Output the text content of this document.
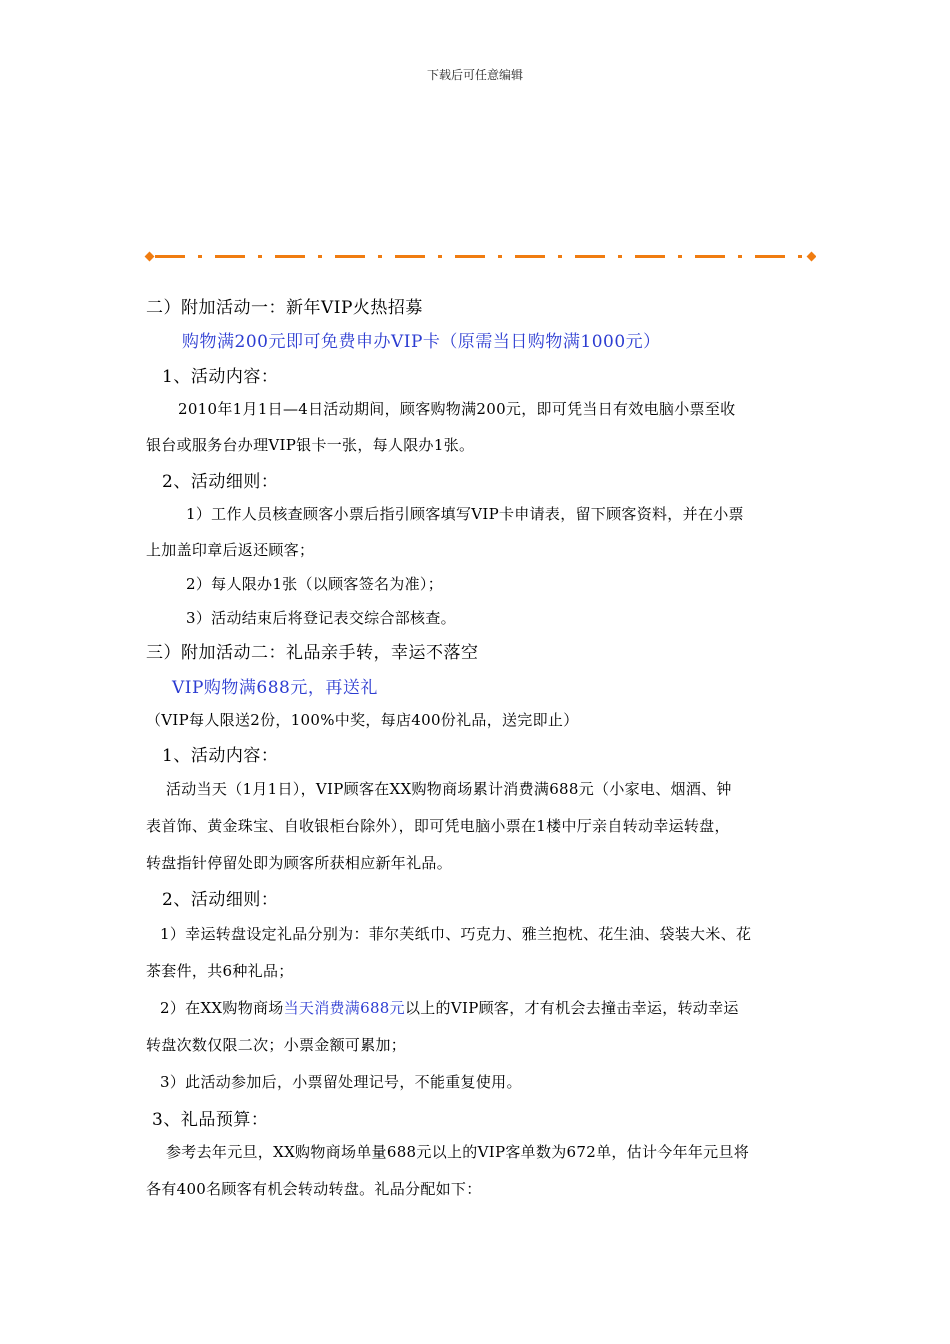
下载后可任意编辑
二）附加活动一：新年VIP火热招募
购物满200元即可免费申办VIP卡（原需当日购物满1000元）
1、活动内容：
2010年1月1日—4日活动期间，顾客购物满200元，即可凭当日有效电脑小票至收
银台或服务台办理VIP银卡一张，每人限办1张。
2、活动细则：
1）工作人员核查顾客小票后指引顾客填写VIP卡申请表，留下顾客资料，并在小票
上加盖印章后返还顾客；
2）每人限办1张（以顾客签名为准）；
3）活动结束后将登记表交综合部核查。
三）附加活动二：礼品亲手转，幸运不落空
VIP购物满688元，再送礼
（VIP每人限送2份，100%中奖，每店400份礼品，送完即止）
1、活动内容：
活动当天（1月1日），VIP顾客在XX购物商场累计消费满688元（小家电、烟酒、钟
表首饰、黄金珠宝、自收银柜台除外），即可凭电脑小票在1楼中厅亲自转动幸运转盘，
转盘指针停留处即为顾客所获相应新年礼品。
2、活动细则：
1）幸运转盘设定礼品分别为：菲尔芙纸巾、巧克力、雅兰抱枕、花生油、袋装大米、花
茶套件，共6种礼品；
2）在XX购物商场当天消费满688元以上的VIP顾客，才有机会去撞击幸运，转动幸运
转盘次数仅限二次；小票金额可累加；
3）此活动参加后，小票留处理记号，不能重复使用。
3、礼品预算：
参考去年元旦，XX购物商场单量688元以上的VIP客单数为672单，估计今年年元旦将
各有400名顾客有机会转动转盘。礼品分配如下：
